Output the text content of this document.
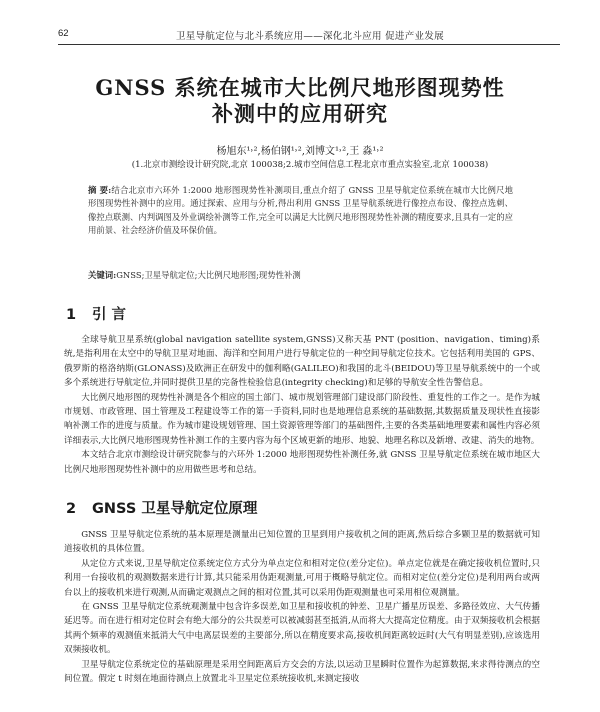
62	卫星导航定位与北斗系统应用——深化北斗应用 促进产业发展
GNSS 系统在城市大比例尺地形图现势性
补测中的应用研究
杨旭东¹˒²,杨伯钢¹˒²,刘博文¹˒²,王 淼¹˒²
(1.北京市测绘设计研究院,北京 100038;2.城市空间信息工程北京市重点实验室,北京 100038)
摘 要:结合北京市六环外 1:2000 地形图现势性补测项目,重点介绍了 GNSS 卫星导航定位系统在城市大比例尺地形图现势性补测中的应用。通过探索、应用与分析,得出利用 GNSS 卫星导航系统进行像控点布设、像控点选刺、像控点联测、内判调图及外业调绘补测等工作,完全可以满足大比例尺地形图现势性补测的精度要求,且具有一定的应用前景、社会经济价值及环保价值。
关键词:GNSS;卫星导航定位;大比例尺地形图;现势性补测
1 引 言

全球导航卫星系统(global navigation satellite system,GNSS)又称天基 PNT (position、navigation、timing)系统,是指利用在太空中的导航卫星对地面、海洋和空间用户进行导航定位的一种空间导航定位技术。它包括利用美国的 GPS、俄罗斯的格洛纳斯(GLONASS)及欧洲正在研发中的伽利略(GALILEO)和我国的北斗(BEIDOU)等卫星导航系统中的一个或多个系统进行导航定位,并同时提供卫星的完备性检验信息(integrity checking)和足够的导航安全性告警信息。

大比例尺地形图的现势性补测是各个相应的国土部门、城市规划管理部门建设部门阶段性、重复性的工作之一。是作为城市规划、市政管理、国土管理及工程建设等工作的第一手资料,同时也是地理信息系统的基础数据,其数据质量及现状性直接影响补测工作的进度与质量。作为城市建设规划管理、国土资源管理等部门的基础图件,主要的各类基础地理要素和属性内容必须详细表示,大比例尺地形图现势性补测工作的主要内容为每个区域更新的地形、地貌、地理名称以及新增、改建、消失的地物。

本文结合北京市测绘设计研究院参与的六环外 1:2000 地形图现势性补测任务,就 GNSS 卫星导航定位系统在城市地区大比例尺地形图现势性补测中的应用做些思考和总结。

2 GNSS 卫星导航定位原理

GNSS 卫星导航定位系统的基本原理是测量出已知位置的卫星到用户接收机之间的距离,然后综合多颗卫星的数据就可知道接收机的具体位置。

从定位方式来说,卫星导航定位系统定位方式分为单点定位和相对定位(差分定位)。单点定位就是在确定接收机位置时,只利用一台接收机的观测数据来进行计算,其只能采用伪距观测量,可用于概略导航定位。而相对定位(差分定位)是利用两台或两台以上的接收机来进行观测,从而确定观测点之间的相对位置,其可以采用伪距观测量也可采用相位观测量。

在 GNSS 卫星导航定位系统观测量中包含许多误差,如卫星和接收机的钟差、卫星广播星历误差、多路径效应、大气传播延迟等。而在进行相对定位时会有绝大部分的公共误差可以被减弱甚至抵消,从而将大大提高定位精度。由于双频接收机会根据其两个频率的观测值来抵消大气中电离层误差的主要部分,所以在精度要求高,接收机间距离较远时(大气有明显差别),应该选用双频接收机。

卫星导航定位系统定位的基础原理是采用空间距离后方交会的方法,以运动卫星瞬时位置作为起算数据,来求得待测点的空间位置。假定 t 时刻在地面待测点上放置北斗卫星定位系统接收机,来测定接收
